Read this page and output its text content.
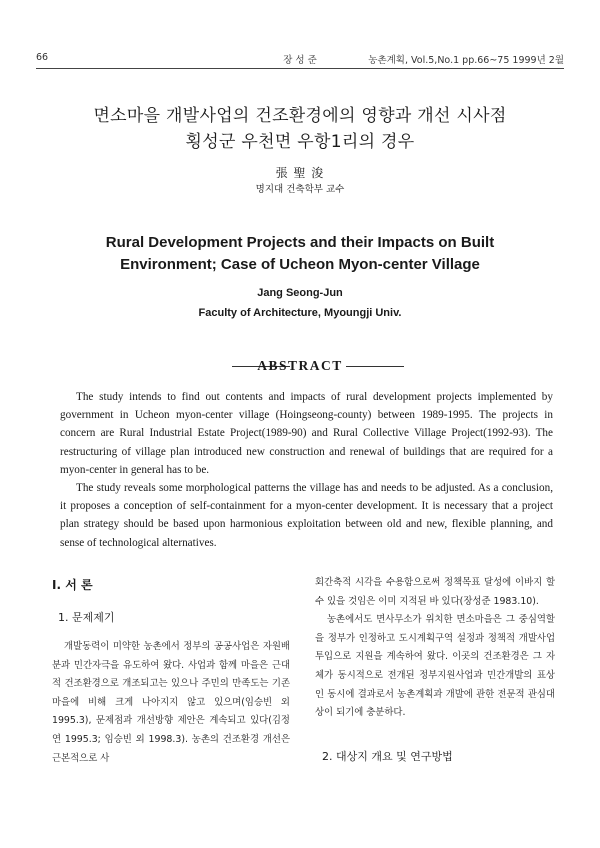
66	장 성 준	농촌계획, Vol.5,No.1 pp.66~75 1999년 2월
면소마을 개발사업의 건조환경에의 영향과 개선 시사점
횡성군 우천면 우항1리의 경우
張 聖 浚
명지대 건축학부 교수
Rural Development Projects and their Impacts on Built
Environment; Case of Ucheon Myon-center Village
Jang Seong-Jun
Faculty of Architecture, Myoungji Univ.
ABSTRACT

The study intends to find out contents and impacts of rural development projects implemented by government in Ucheon myon-center village (Hoingseong-county) between 1989-1995. The projects in concern are Rural Industrial Estate Project(1989-90) and Rural Collective Village Project(1992-93). The restructuring of village plan introduced new construction and renewal of buildings that are required for a myon-center in general has to be.

The study reveals some morphological patterns the village has and needs to be adjusted. As a conclusion, it proposes a conception of self-containment for a myon-center development. It is necessary that a project plan strategy should be based upon harmonious exploitation between old and new, flexible planning, and sense of technological alternatives.

Ⅰ. 서 론
1. 문제제기

개발동력이 미약한 농촌에서 정부의 공공사업은 자원배분과 민간자극을 유도하여 왔다. 사업과 함께 마을은 근대적 건조환경으로 개조되고는 있으나 주민의 만족도는 기존마을에 비해 크게 나아지지 않고 있으며(임승빈 외 1995.3), 문제점과 개선방향 제안은 계속되고 있다(김정연 1995.3; 임승빈 외 1998.3). 농촌의 건조환경 개선은 근본적으로 사

회간축적 시각을 수용함으로써 정책목표 달성에 이바지 할 수 있을 것임은 이미 지적된 바 있다(장성준 1983.10).

농촌에서도 면사무소가 위치한 면소마을은 그 중심역할을 정부가 인정하고 도시계획구역 설정과 정책적 개발사업 투입으로 지원을 계속하여 왔다. 이곳의 건조환경은 그 자체가 동시적으로 전개된 정부지원사업과 민간개발의 표상인 동시에 결과로서 농촌계획과 개발에 관한 전문적 관심대상이 되기에 충분하다.

2. 대상지 개요 및 연구방법
